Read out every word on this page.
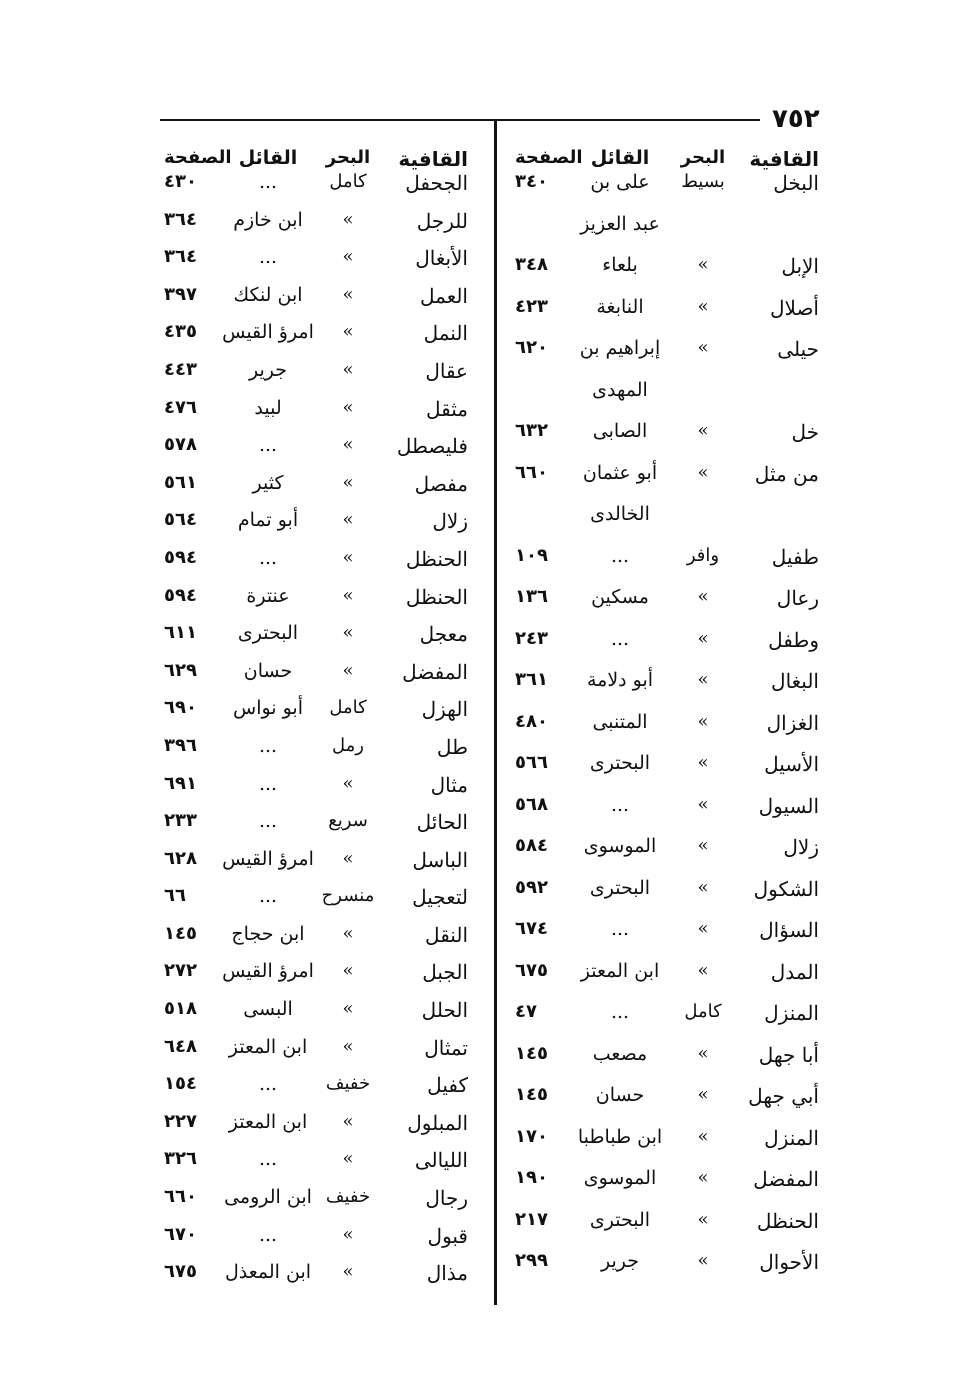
٧٥٢
القافية
البحر
القائل
الصفحة
البخل
بسيط
على بن
٣٤٠
عبد العزيز
الإبل
»
بلعاء
٣٤٨
أصلال
»
النابغة
٤٢٣
حيلى
»
إبراهيم بن
٦٢٠
المهدى
خل
»
الصابى
٦٣٢
من مثل
»
أبو عثمان
٦٦٠
الخالدى
طفيل
وافر
...
١٠٩
رعال
»
مسكين
١٣٦
وطفل
»
...
٢٤٣
البغال
»
أبو دلامة
٣٦١
الغزال
»
المتنبى
٤٨٠
الأسيل
»
البحترى
٥٦٦
السيول
»
...
٥٦٨
زلال
»
الموسوى
٥٨٤
الشكول
»
البحترى
٥٩٢
السؤال
»
...
٦٧٤
المدل
»
ابن المعتز
٦٧٥
المنزل
كامل
...
٤٧
أبا جهل
»
مصعب
١٤٥
أبي جهل
»
حسان
١٤٥
المنزل
»
ابن طباطبا
١٧٠
المفضل
»
الموسوى
١٩٠
الحنظل
»
البحترى
٢١٧
الأحوال
»
جرير
٢٩٩
القافية
البحر
القائل
الصفحة
الجحفل
كامل
...
٤٣٠
للرجل
»
ابن خازم
٣٦٤
الأبغال
»
...
٣٦٤
العمل
»
ابن لنكك
٣٩٧
النمل
»
امرؤ القيس
٤٣٥
عقال
»
جرير
٤٤٣
مثقل
»
لبيد
٤٧٦
فليصطل
»
...
٥٧٨
مفصل
»
كثير
٥٦١
زلال
»
أبو تمام
٥٦٤
الحنظل
»
...
٥٩٤
الحنظل
»
عنترة
٥٩٤
معجل
»
البحترى
٦١١
المفضل
»
حسان
٦٢٩
الهزل
كامل
أبو نواس
٦٩٠
طل
رمل
...
٣٩٦
مثال
»
...
٦٩١
الحائل
سريع
...
٢٣٣
الباسل
»
امرؤ القيس
٦٢٨
لتعجيل
منسرح
...
٦٦
النقل
»
ابن حجاج
١٤٥
الجبل
»
امرؤ القيس
٢٧٢
الحلل
»
البسى
٥١٨
تمثال
»
ابن المعتز
٦٤٨
كفيل
خفيف
...
١٥٤
المبلول
»
ابن المعتز
٢٢٧
الليالى
»
...
٣٢٦
رجال
خفيف
ابن الرومى
٦٦٠
قبول
»
...
٦٧٠
مذال
»
ابن المعذل
٦٧٥
